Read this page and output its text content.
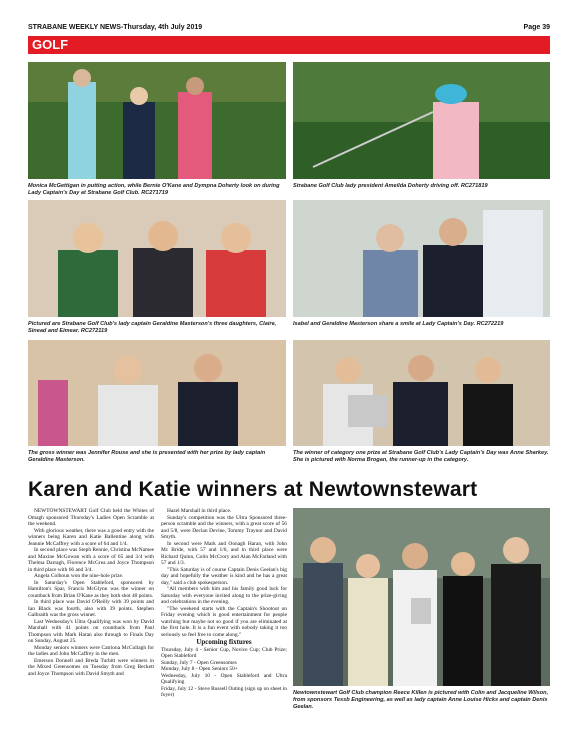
STRABANE WEEKLY NEWS-Thursday, 4th July 2019	Page 39
GOLF
Monica McGettigan in putting action, while Bernie O'Kane and Dympna Doherty look on during Lady Captain's Day at Strabane Golf Club. RC271719
Strabane Golf Club lady president Ameilda Doherty driving off. RC271819
Pictured are Strabane Golf Club's lady captain Geraldine Masterson's three daughters, Claire, Sinead and Eimear. RC272119
Isabel and Geraldine Masterson share a smile at Lady Captain's Day. RC272219
The gross winner was Jennifer Rouse and she is presented with her prize by lady captain Geraldine Masterson.
The winner of category one prize at Strabane Golf Club's Lady Captain's Day was Anne Sharkey. She is pictured with Norma Brogan, the runner-up in the category.
Karen and Katie winners at Newtownstewart

NEWTOWNSTEWART Golf Club held the Whites of Omagh sponsored Thursday's Ladies Open Scramble at the weekend.

With glorious weather, there was a good entry with the winners being Karen and Katie Ballentine along with Jeannie McCaffrey with a score of 64 and 1/4.

In second place was Steph Rennie, Christina McNamee and Maxine McGowan with a score of 65 and 3/4 with Thelma Darragh, Florence McGrea and Joyce Thompson in third place with 66 and 3/4.

Angela Colhoun won the nine-hole prize.

In Saturday's Open Stableford, sponsored by Hamilton's Spar, Francis McGlynn was the winner on countback from Brian O'Kane as they both shot 40 points.

In third place was David O'Reilly with 39 points and Ian Black was fourth, also with 39 points. Stephen Galbraith was the gross winner.

Last Wednesday's Ultra Qualifying was won by David Marshall with 41 points on countback from Paul Thompson with Mark Haran also through to Finals Day on Sunday, August 25.

Monday seniors winners were Catriona McCullagh for the ladies and John McCaffrey in the men.

Emerson Donnell and Breda Turbitt were winners in the Mixed Greensomes on Tuesday from Greg Beckett and Joyce Thompson with David Smyth and

Hazel Marshall in third place.

Sunday's competition was the Ultra Sponsored three-person scramble and the winners, with a great score of 56 and 5/8, were Declan Devine, Tommy Traynor and David Smyth.

In second were Mark and Oonagh Haran, with John Mc Bride, with 57 and 1/6, and in third place were Richard Quinn, Colin McCrory and Alan McFarland with 57 and 1/3.

"This Saturday is of course Captain Denis Geelan's big day and hopefully the weather is kind and he has a great day," said a club spokesperson.

"All members with him and his family good luck for Saturday with everyone invited along to the prize-giving and celebrations in the evening.

"The weekend starts with the Captain's Shootout on Friday evening which is good entertainment for people watching but maybe not so good if you are eliminated at the first hole. It is a fun event with nobody taking it too seriously so feel free to come along."

Upcoming fixtures

Thursday, July 4 - Senior Cup, Novice Cup; Club Prize; Open Stableford

Sunday, July 7 - Open Greensomes

Monday, July 8 - Open Seniors 50+

Wednesday, July 10 - Open Stableford and Ultra Qualifying

Friday, July 12 - Steve Russell Outing (sign up on sheet in foyer)	Newtownstewart Golf Club champion Reece Killen is pictured with Colin and Jacqueline Wilson, from sponsors Tessb Engineering, as well as lady captain Anne Louise Hicks and captain Denis Geelan.
